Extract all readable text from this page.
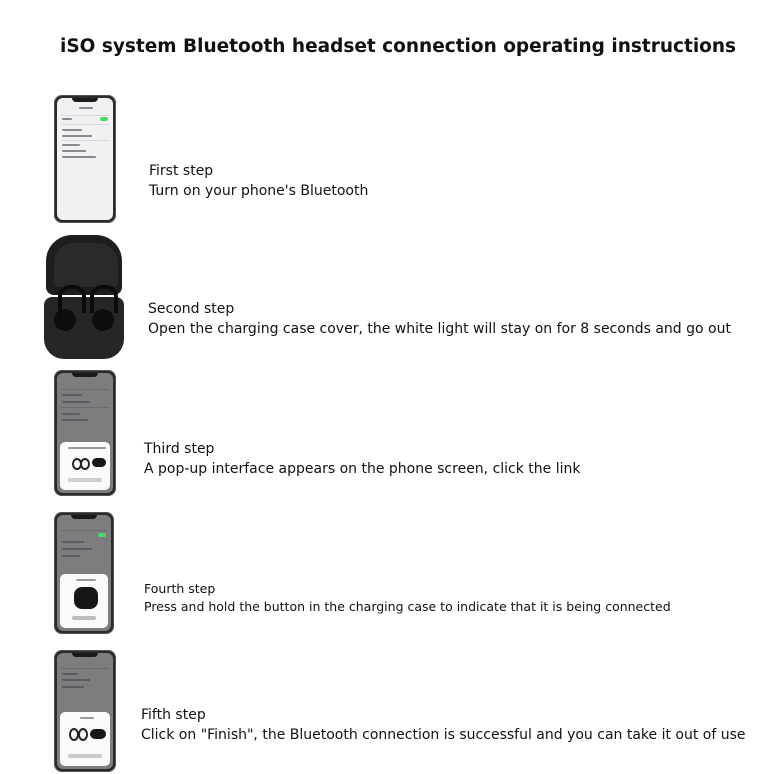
iSO system Bluetooth headset connection operating instructions
First step
Turn on your phone's Bluetooth
Second step
Open the charging case cover, the white light will stay on for 8 seconds and go out
Third step
A pop-up interface appears on the phone screen, click the link
Fourth step
Press and hold the button in the charging case to indicate that it is being connected
Fifth step
Click on "Finish", the Bluetooth connection is successful and you can take it out of use
